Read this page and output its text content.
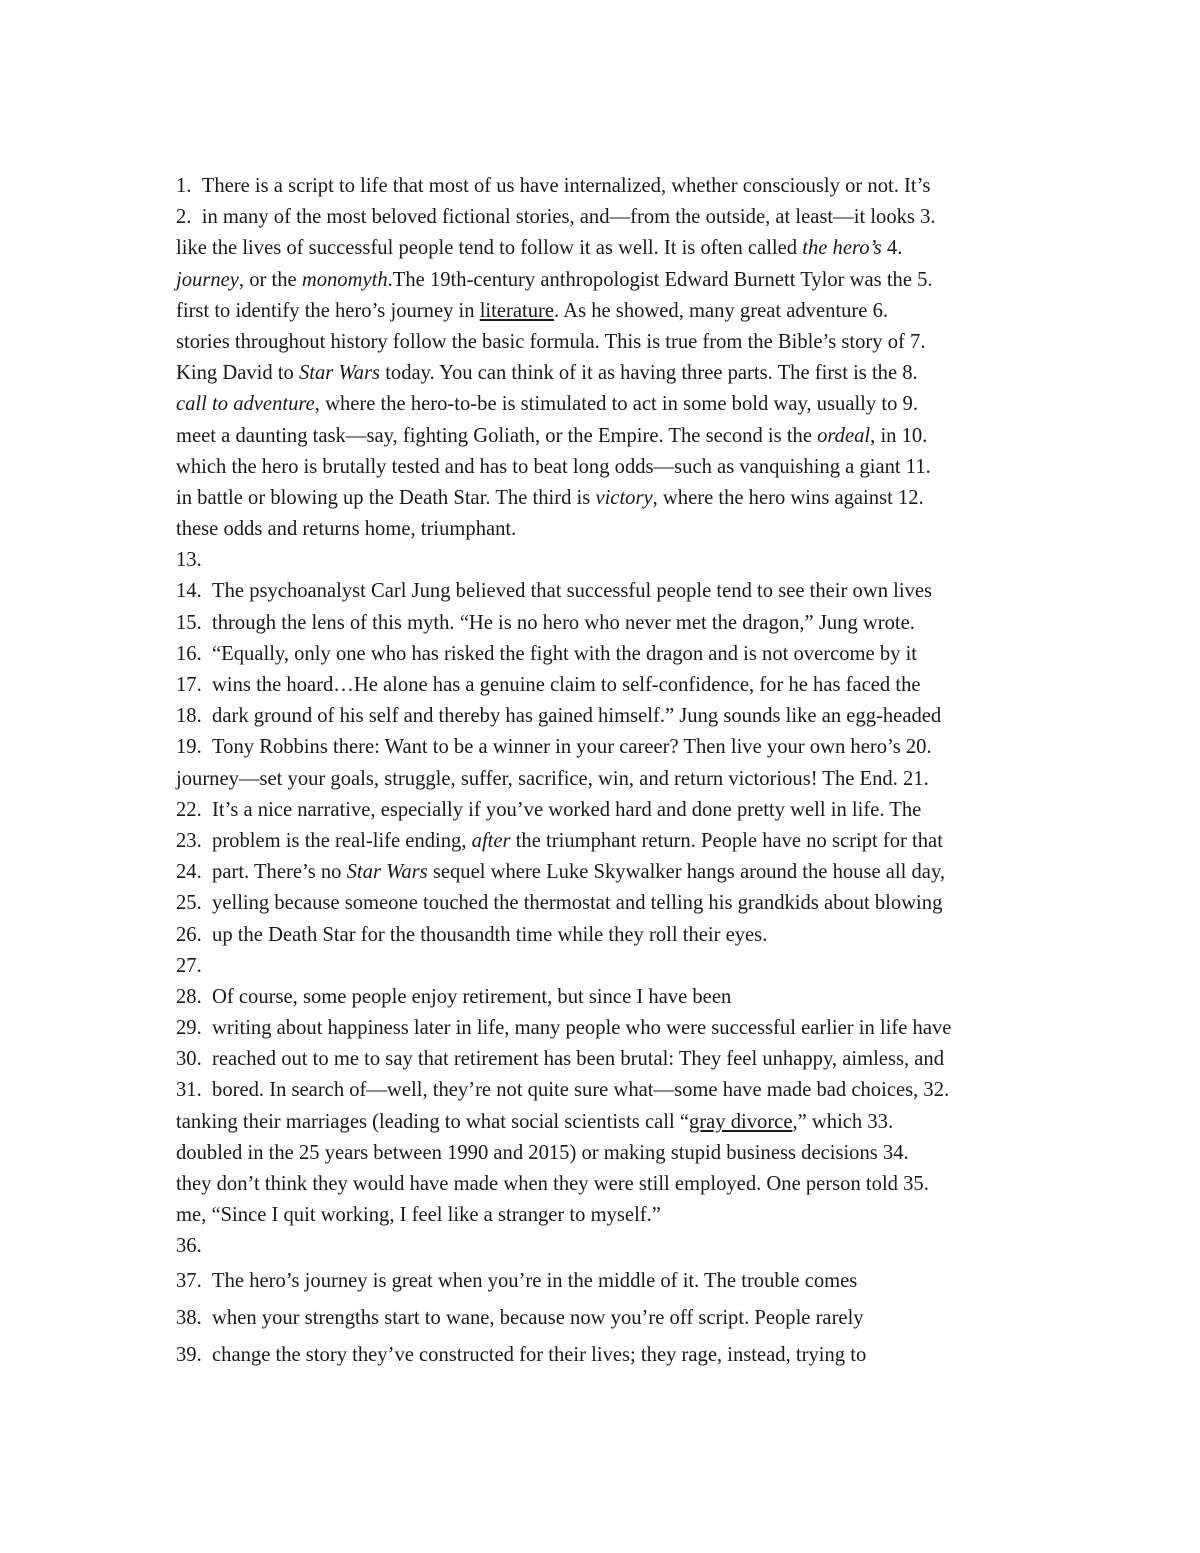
1. There is a script to life that most of us have internalized, whether consciously or not. It’s
2. in many of the most beloved fictional stories, and—from the outside, at least—it looks 3.
like the lives of successful people tend to follow it as well. It is often called the hero’s 4.
journey, or the monomyth.The 19th-century anthropologist Edward Burnett Tylor was the 5.
first to identify the hero’s journey in literature. As he showed, many great adventure 6.
stories throughout history follow the basic formula. This is true from the Bible’s story of 7.
King David to Star Wars today. You can think of it as having three parts. The first is the 8.
call to adventure, where the hero-to-be is stimulated to act in some bold way, usually to 9.
meet a daunting task—say, fighting Goliath, or the Empire. The second is the ordeal, in 10.
which the hero is brutally tested and has to beat long odds—such as vanquishing a giant 11.
in battle or blowing up the Death Star. The third is victory, where the hero wins against 12.
these odds and returns home, triumphant.
13.
14. The psychoanalyst Carl Jung believed that successful people tend to see their own lives
15. through the lens of this myth. “He is no hero who never met the dragon,” Jung wrote.
16. “Equally, only one who has risked the fight with the dragon and is not overcome by it
17. wins the hoard…He alone has a genuine claim to self-confidence, for he has faced the
18. dark ground of his self and thereby has gained himself.” Jung sounds like an egg-headed
19. Tony Robbins there: Want to be a winner in your career? Then live your own hero’s 20.
journey—set your goals, struggle, suffer, sacrifice, win, and return victorious! The End. 21.
22. It’s a nice narrative, especially if you’ve worked hard and done pretty well in life. The
23. problem is the real-life ending, after the triumphant return. People have no script for that
24. part. There’s no Star Wars sequel where Luke Skywalker hangs around the house all day,
25. yelling because someone touched the thermostat and telling his grandkids about blowing
26. up the Death Star for the thousandth time while they roll their eyes.
27.
28. Of course, some people enjoy retirement, but since I have been
29. writing about happiness later in life, many people who were successful earlier in life have
30. reached out to me to say that retirement has been brutal: They feel unhappy, aimless, and
31. bored. In search of—well, they’re not quite sure what—some have made bad choices, 32.
tanking their marriages (leading to what social scientists call “gray divorce,” which 33.
doubled in the 25 years between 1990 and 2015) or making stupid business decisions 34.
they don’t think they would have made when they were still employed. One person told 35.
me, “Since I quit working, I feel like a stranger to myself.”
36.
37. The hero’s journey is great when you’re in the middle of it. The trouble comes
38. when your strengths start to wane, because now you’re off script. People rarely
39. change the story they’ve constructed for their lives; they rage, instead, trying to
